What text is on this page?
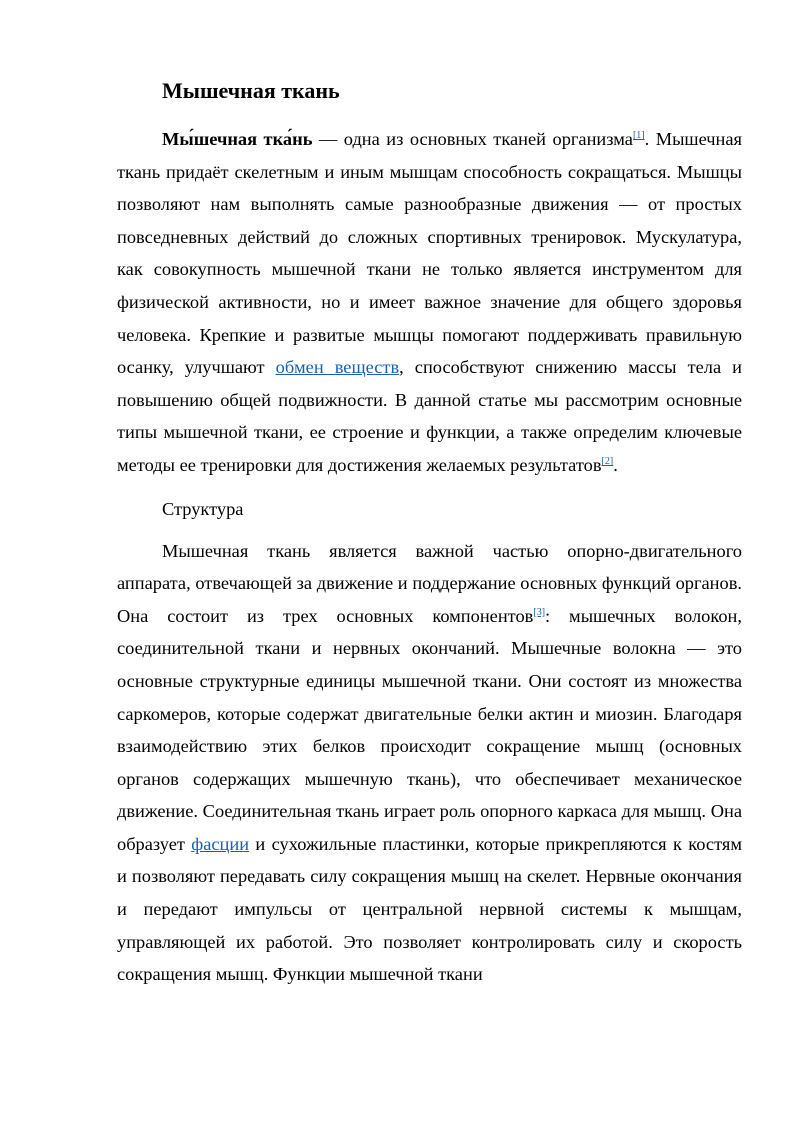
Мышечная ткань

Мы́шечная тка́нь — одна из основных тканей организма[1]. Мышечная ткань придаёт скелетным и иным мышцам способность сокращаться. Мышцы позволяют нам выполнять самые разнообразные движения — от простых повседневных действий до сложных спортивных тренировок. Мускулатура, как совокупность мышечной ткани не только является инструментом для физической активности, но и имеет важное значение для общего здоровья человека. Крепкие и развитые мышцы помогают поддерживать правильную осанку, улучшают обмен веществ, способствуют снижению массы тела и повышению общей подвижности. В данной статье мы рассмотрим основные типы мышечной ткани, ее строение и функции, а также определим ключевые методы ее тренировки для достижения желаемых результатов[2].

Структура

Мышечная ткань является важной частью опорно-двигательного аппарата, отвечающей за движение и поддержание основных функций органов. Она состоит из трех основных компонентов[3]: мышечных волокон, соединительной ткани и нервных окончаний. Мышечные волокна — это основные структурные единицы мышечной ткани. Они состоят из множества саркомеров, которые содержат двигательные белки актин и миозин. Благодаря взаимодействию этих белков происходит сокращение мышц (основных органов содержащих мышечную ткань), что обеспечивает механическое движение. Соединительная ткань играет роль опорного каркаса для мышц. Она образует фасции и сухожильные пластинки, которые прикрепляются к костям и позволяют передавать силу сокращения мышц на скелет. Нервные окончания и передают импульсы от центральной нервной системы к мышцам, управляющей их работой. Это позволяет контролировать силу и скорость сокращения мышц. Функции мышечной ткани
